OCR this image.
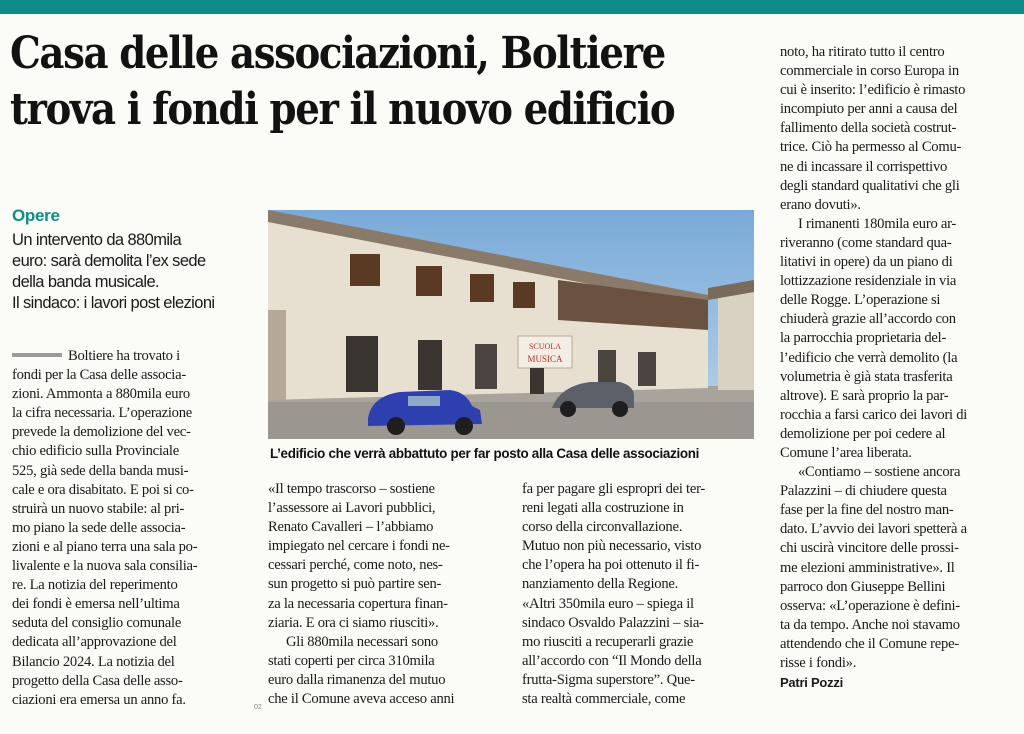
Casa delle associazioni, Boltiere
trova i fondi per il nuovo edificio
Opere
Un intervento da 880mila
euro: sarà demolita l’ex sede
della banda musicale.
Il sindaco: i lavori post elezioni
Boltiere ha trovato i
fondi per la Casa delle associa-
zioni. Ammonta a 880mila euro
la cifra necessaria. L’operazione
prevede la demolizione del vec-
chio edificio sulla Provinciale
525, già sede della banda musi-
cale e ora disabitato. E poi si co-
struirà un nuovo stabile: al pri-
mo piano la sede delle associa-
zioni e al piano terra una sala po-
livalente e la nuova sala consilia-
re. La notizia del reperimento
dei fondi è emersa nell’ultima
seduta del consiglio comunale
dedicata all’approvazione del
Bilancio 2024. La notizia del
progetto della Casa delle asso-
ciazioni era emersa un anno fa.
SCUOLA
MUSICA
L’edificio che verrà abbattuto per far posto alla Casa delle associazioni
02
«Il tempo trascorso – sostiene
l’assessore ai Lavori pubblici,
Renato Cavalleri – l’abbiamo
impiegato nel cercare i fondi ne-
cessari perché, come noto, nes-
sun progetto si può partire sen-
za la necessaria copertura finan-
ziaria. E ora ci siamo riusciti».
Gli 880mila necessari sono
stati coperti per circa 310mila
euro dalla rimanenza del mutuo
che il Comune aveva acceso anni
fa per pagare gli espropri dei ter-
reni legati alla costruzione in
corso della circonvallazione.
Mutuo non più necessario, visto
che l’opera ha poi ottenuto il fi-
nanziamento della Regione.
«Altri 350mila euro – spiega il
sindaco Osvaldo Palazzini – sia-
mo riusciti a recuperarli grazie
all’accordo con “Il Mondo della
frutta-Sigma superstore”. Que-
sta realtà commerciale, come
noto, ha ritirato tutto il centro
commerciale in corso Europa in
cui è inserito: l’edificio è rimasto
incompiuto per anni a causa del
fallimento della società costrut-
trice. Ciò ha permesso al Comu-
ne di incassare il corrispettivo
degli standard qualitativi che gli
erano dovuti».
I rimanenti 180mila euro ar-
riveranno (come standard qua-
litativi in opere) da un piano di
lottizzazione residenziale in via
delle Rogge. L’operazione si
chiuderà grazie all’accordo con
la parrocchia proprietaria del-
l’edificio che verrà demolito (la
volumetria è già stata trasferita
altrove). E sarà proprio la par-
rocchia a farsi carico dei lavori di
demolizione per poi cedere al
Comune l’area liberata.
«Contiamo – sostiene ancora
Palazzini – di chiudere questa
fase per la fine del nostro man-
dato. L’avvio dei lavori spetterà a
chi uscirà vincitore delle prossi-
me elezioni amministrative». Il
parroco don Giuseppe Bellini
osserva: «L’operazione è defini-
ta da tempo. Anche noi stavamo
attendendo che il Comune repe-
risse i fondi».
Patri Pozzi
